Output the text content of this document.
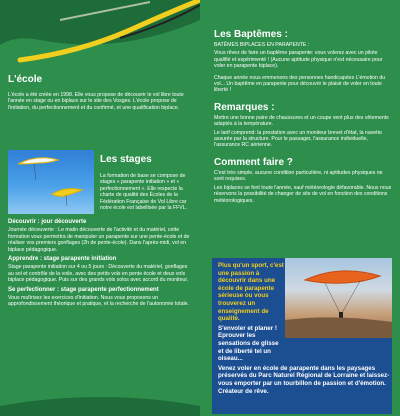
L'école
L'école a été créée en 1998. Elle vous propose de découvrir le vol libre toute l'année en stage ou en biplace sur le site des Vosges. L'école propose de l'initiation, du perfectionnement et du confirmé, et une qualification biplace.
Les stages
La formation de base se compose de stages « parapente initiation » et « perfectionnement ». Elle respecte la charte de qualité des Écoles de la Fédération Française de Vol Libre car notre école est labellisée par la FFVL.
Découvrir : jour découverte
Journée découverte : Le matin découverte de l'activité et du matériel, cette formation vous permettra de manipuler un parapente sur une pente-école et de réaliser vos premiers gonflages (2h de pente-école). Dans l'après-midi, vol en biplace pédagogique.
Apprendre : stage parapente initiation
Stage parapente initiation sur 4 ou 5 jours : Découverte du matériel, gonflages au sol et contrôle de la voile, avec des petits vols en pente école et deux vols biplace pédagogique. Puis sur des grands vols solos avec accord du moniteur.
Se perfectionner : stage parapente perfectionnement
Vous maîtrisez les exercices d'initiation. Nous vous proposons un approfondissement théorique et pratique, et la recherche de l'autonomie totale.
Les Baptêmes :
BATÊMES BIPLACES EN PARAPENTE :
Vous rêvez de faire un baptême parapente: vous volerez avec un pilote qualifié et expérimenté ! (Aucune aptitude physique n'est nécessaire pour voler en parapente biplace).
Chaque année nous emmenons des personnes handicapées L'émotion du vol... Un baptême en parapente pour découvrir le plaisir de voler en toute liberté !
Remarques :
Mettre une bonne paire de chaussures et un coupe vent plus des vêtements adaptés à la température.
Le tarif comprend: la prestation avec un moniteur brevet d'état, la navette assurée par la structure. Pour le passager, l'assurance individuelle, l'assurance RC aérienne.
Comment faire ?
C'est très simple, aucune condition particulière, ni aptitudes physiques ne sont requises.
Les biplaces se font toute l'année, sauf météorologie défavorable. Nous nous réservons la possibilité de changer de site de vol en fonction des conditions météorologiques.
Plus qu'un sport, c'est une passion à découvrir dans une école de parapente sérieuse ou vous trouverez un enseignement de qualité.
S'envoler et planer ! Eprouver les sensations de glisse et de liberté tel un oiseau...
Venez voler en école de parapente dans les paysages préservés du Parc Naturel Régional de Lorraine et laissez-vous emporter par un tourbillon de passion et d'émotion. Créateur de rêve.
